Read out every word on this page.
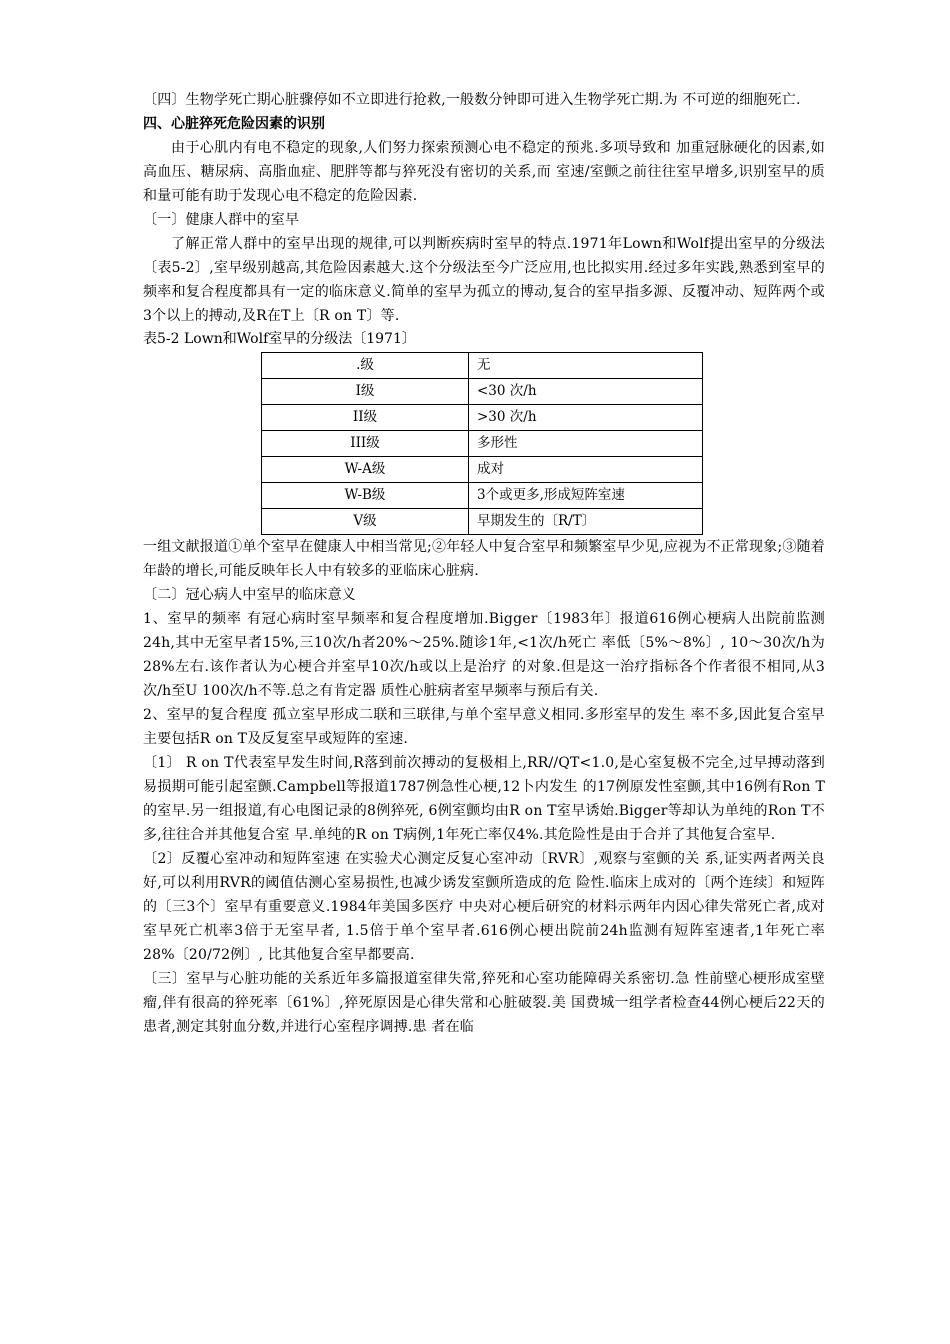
〔四〕生物学死亡期心脏骤停如不立即进行抢救,一般数分钟即可进入生物学死亡期.为 不可逆的细胞死亡.

四、心脏猝死危险因素的识别

由于心肌内有电不稳定的现象,人们努力探索预测心电不稳定的预兆.多项导致和 加重冠脉硬化的因素,如高血压、糖尿病、高脂血症、肥胖等都与猝死没有密切的关系,而 室速/室颤之前往往室早增多,识别室早的质和量可能有助于发现心电不稳定的危险因素.

〔一〕健康人群中的室早

了解正常人群中的室早出现的规律,可以判断疾病时室早的特点.1971年Lown和Wolf提出室早的分级法〔表5-2〕,室早级别越高,其危险因素越大.这个分级法至今广泛应用,也比拟实用.经过多年实践,熟悉到室早的频率和复合程度都具有一定的临床意义.简单的室早为孤立的博动,复合的室早指多源、反覆冲动、短阵两个或3个以上的搏动,及R在T上〔R on T〕等.

表5-2 Lown和Wolf室早的分级法〔1971〕

.级	无
I级	<30 次/h
II级	>30 次/h
III级	多形性
W-A级	成对
W-B级	3个或更多,形成短阵室速
V级	早期发生的〔R/T〕

一组文献报道①单个室早在健康人中相当常见;②年轻人中复合室早和频繁室早少见,应视为不正常现象;③随着年龄的增长,可能反映年长人中有较多的亚临床心脏病.

〔二〕冠心病人中室早的临床意义

1、室早的频率 有冠心病时室早频率和复合程度增加.Bigger〔1983年〕报道616例心梗病人出院前监测24h,其中无室早者15%,三10次/h者20%〜25%.随诊1年,<1次/h死亡 率低〔5%〜8%〕, 10〜30次/h为28%左右.该作者认为心梗合并室早10次/h或以上是治疗 的对象.但是这一治疗指标各个作者很不相同,从3次/h至U 100次/h不等.总之有肯定器 质性心脏病者室早频率与预后有关.

2、室早的复合程度 孤立室早形成二联和三联律,与单个室早意义相同.多形室早的发生 率不多,因此复合室早主要包括R on T及反复室早或短阵的室速.

〔1〕 R on T代表室早发生时间,R落到前次搏动的复极相上,RR//QT<1.0,是心室复极不完全,过早搏动落到易损期可能引起室颤.Campbell等报道1787例急性心梗,12卜内发生 的17例原发性室颤,其中16例有Ron T的室早.另一组报道,有心电图记录的8例猝死, 6例室颤均由R on T室早诱始.Bigger等却认为单纯的Ron T不多,往往合并其他复合室 早.单纯的R on T病例,1年死亡率仅4%.其危险性是由于合并了其他复合室早.

〔2〕反覆心室冲动和短阵室速 在实验犬心测定反复心室冲动〔RVR〕,观察与室颤的关 系,证实两者两关良好,可以利用RVR的阈值估测心室易损性,也减少诱发室颤所造成的危 险性.临床上成对的〔两个连续〕和短阵的〔三3个〕室早有重要意义.1984年美国多医疗 中央对心梗后研究的材料示两年内因心律失常死亡者,成对室早死亡机率3倍于无室早者, 1.5倍于单个室早者.616例心梗出院前24h监测有短阵室速者,1年死亡率28%〔20/72例〕, 比其他复合室早都要高.

〔三〕室早与心脏功能的关系近年多篇报道室律失常,猝死和心室功能障碍关系密切.急 性前壁心梗形成室壁瘤,伴有很高的猝死率〔61%〕,猝死原因是心律失常和心脏破裂.美 国费城一组学者检查44例心梗后22天的患者,测定其射血分数,并进行心室程序调搏.患 者在临
